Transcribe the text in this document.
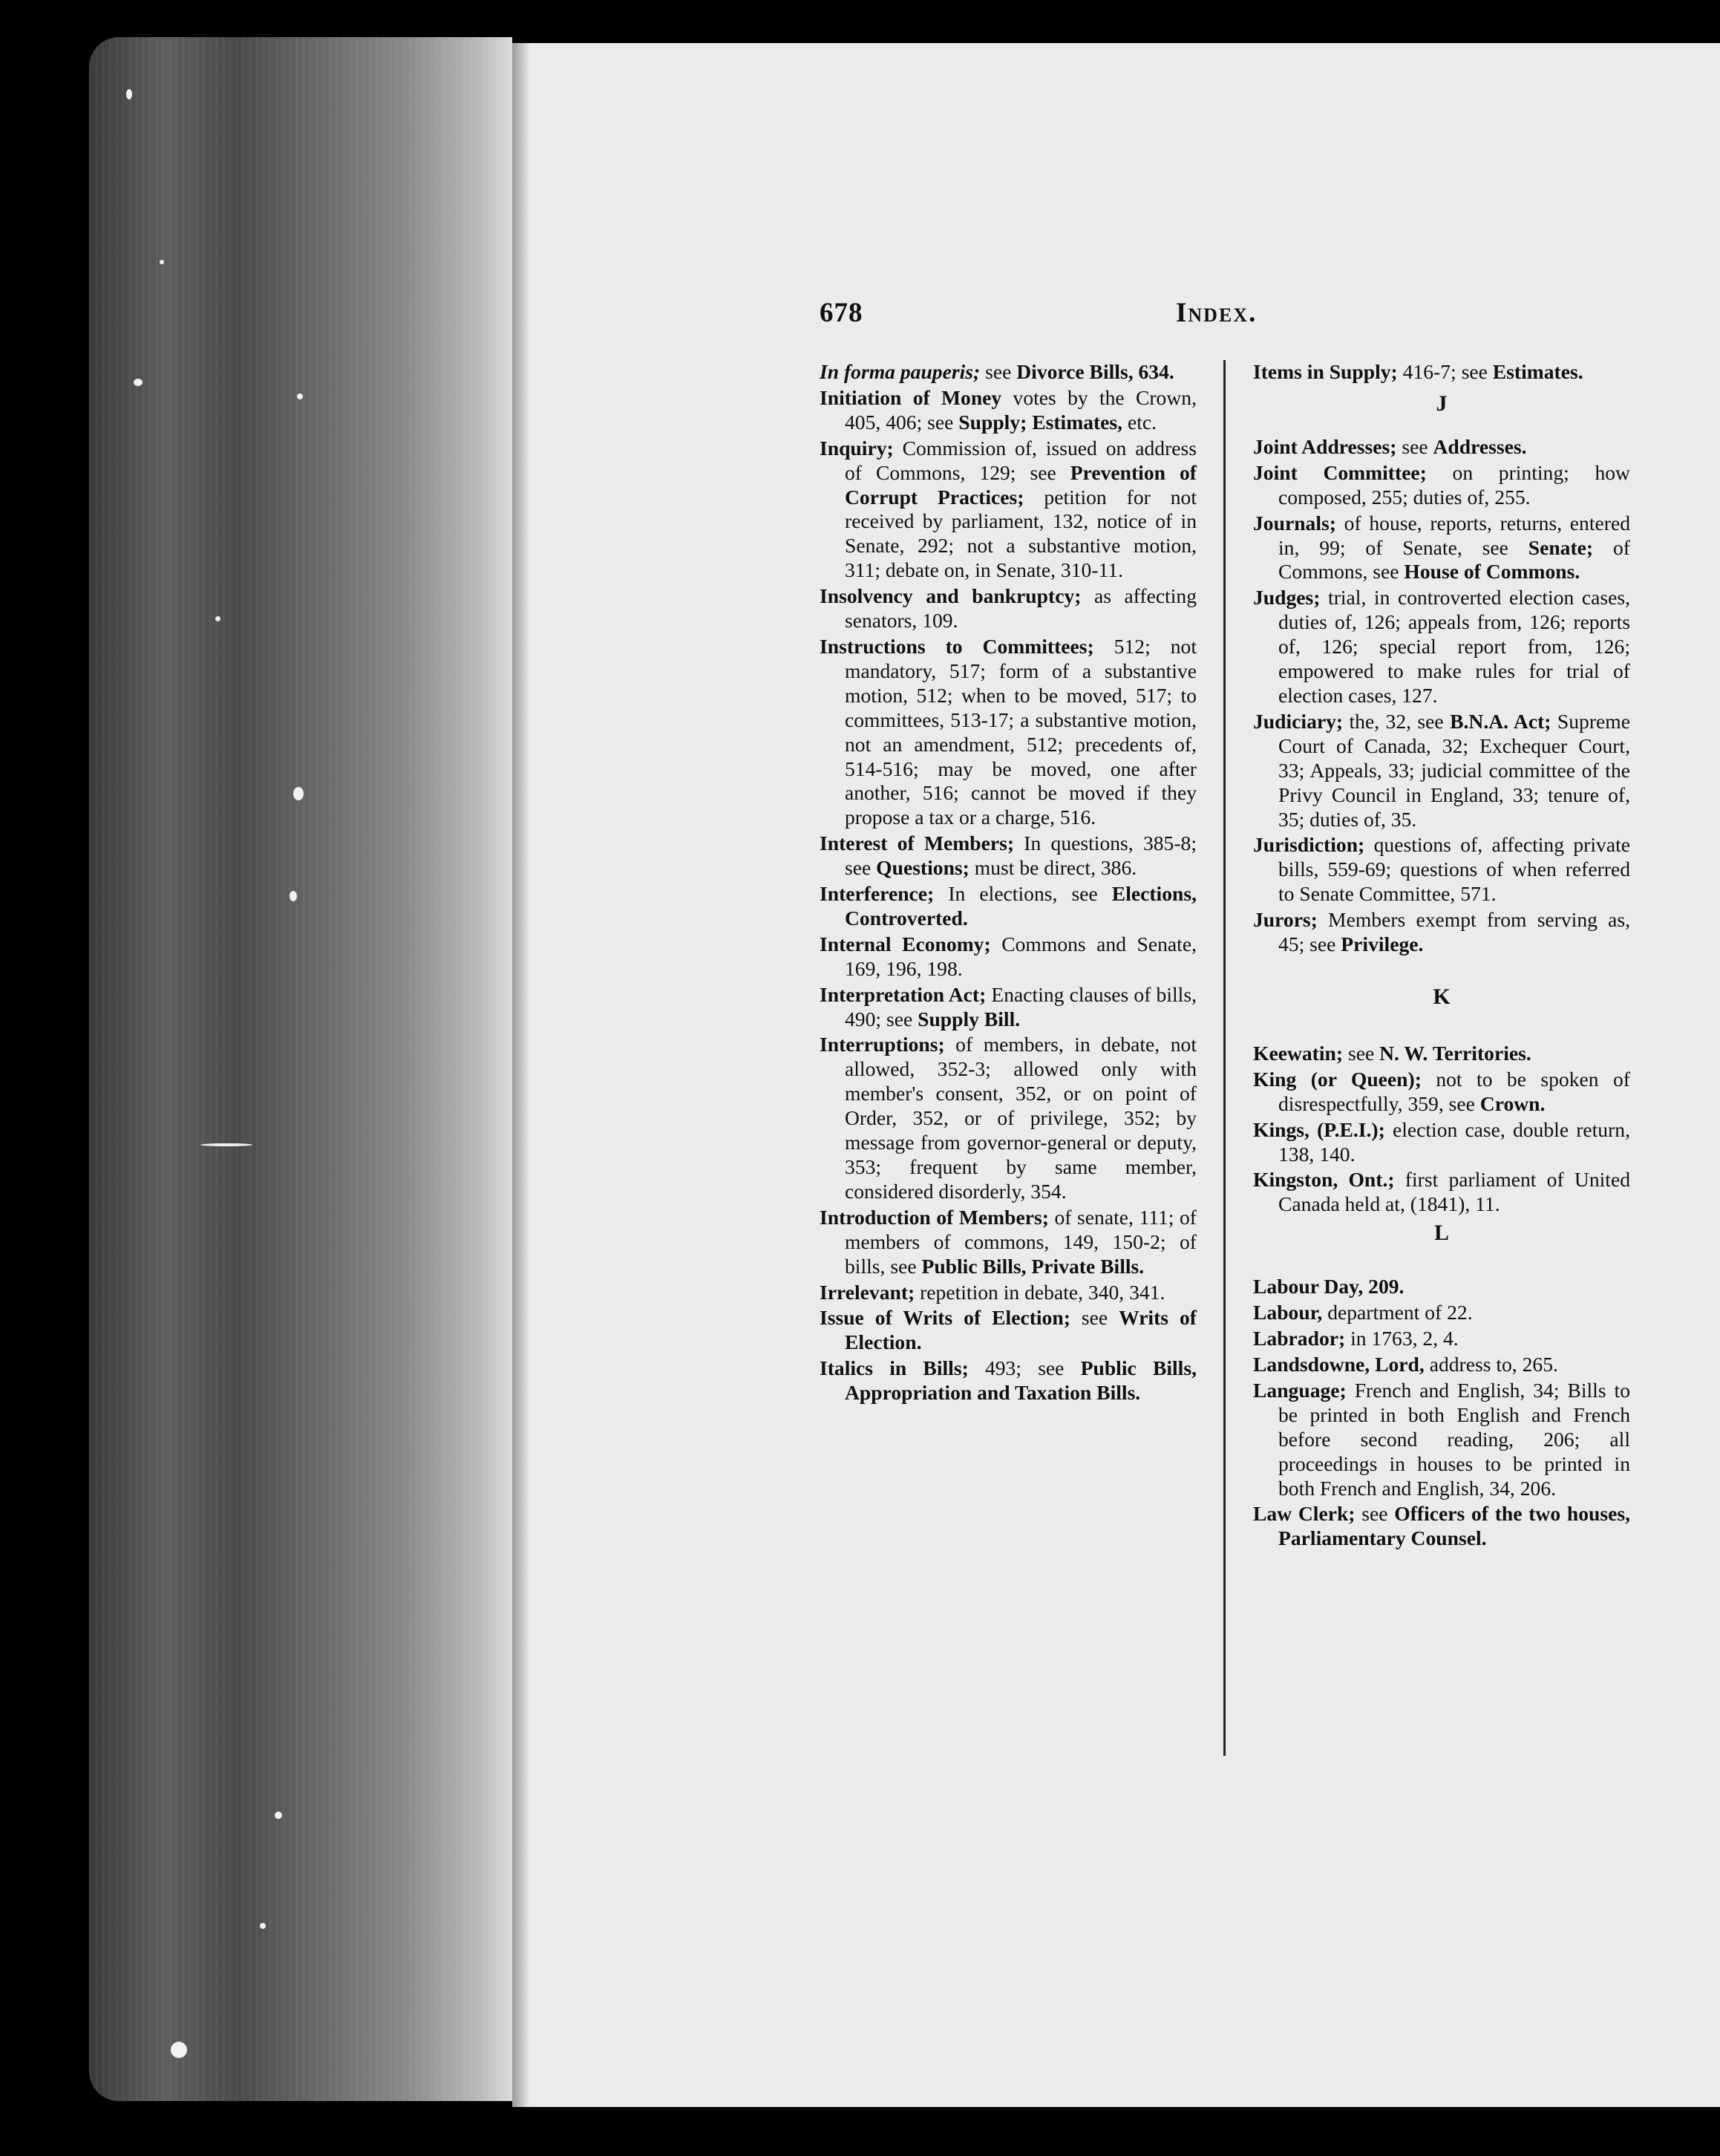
678	Index.

In forma pauperis; see Divorce Bills, 634.

Initiation of Money votes by the Crown, 405, 406; see Supply; Estimates, etc.

Inquiry; Commission of, issued on address of Commons, 129; see Prevention of Corrupt Practices; petition for not received by parliament, 132, notice of in Senate, 292; not a substantive motion, 311; debate on, in Senate, 310-11.

Insolvency and bankruptcy; as affecting senators, 109.

Instructions to Committees; 512; not mandatory, 517; form of a substantive motion, 512; when to be moved, 517; to committees, 513-17; a substantive motion, not an amendment, 512; precedents of, 514-516; may be moved, one after another, 516; cannot be moved if they propose a tax or a charge, 516.

Interest of Members; In questions, 385-8; see Questions; must be direct, 386.

Interference; In elections, see Elections, Controverted.

Internal Economy; Commons and Senate, 169, 196, 198.

Interpretation Act; Enacting clauses of bills, 490; see Supply Bill.

Interruptions; of members, in debate, not allowed, 352-3; allowed only with member's consent, 352, or on point of Order, 352, or of privilege, 352; by message from governor-general or deputy, 353; frequent by same member, considered disorderly, 354.

Introduction of Members; of senate, 111; of members of commons, 149, 150-2; of bills, see Public Bills, Private Bills.

Irrelevant; repetition in debate, 340, 341.

Issue of Writs of Election; see Writs of Election.

Italics in Bills; 493; see Public Bills, Appropriation and Taxation Bills.

Items in Supply; 416-7; see Estimates.

J

Joint Addresses; see Addresses.

Joint Committee; on printing; how composed, 255; duties of, 255.

Journals; of house, reports, returns, entered in, 99; of Senate, see Senate; of Commons, see House of Commons.

Judges; trial, in controverted election cases, duties of, 126; appeals from, 126; reports of, 126; special report from, 126; empowered to make rules for trial of election cases, 127.

Judiciary; the, 32, see B.N.A. Act; Supreme Court of Canada, 32; Exchequer Court, 33; Appeals, 33; judicial committee of the Privy Council in England, 33; tenure of, 35; duties of, 35.

Jurisdiction; questions of, affecting private bills, 559-69; questions of when referred to Senate Committee, 571.

Jurors; Members exempt from serving as, 45; see Privilege.

K

Keewatin; see N. W. Territories.

King (or Queen); not to be spoken of disrespectfully, 359, see Crown.

Kings, (P.E.I.); election case, double return, 138, 140.

Kingston, Ont.; first parliament of United Canada held at, (1841), 11.

L

Labour Day, 209.

Labour, department of 22.

Labrador; in 1763, 2, 4.

Landsdowne, Lord, address to, 265.

Language; French and English, 34; Bills to be printed in both English and French before second reading, 206; all proceedings in houses to be printed in both French and English, 34, 206.

Law Clerk; see Officers of the two houses, Parliamentary Counsel.
